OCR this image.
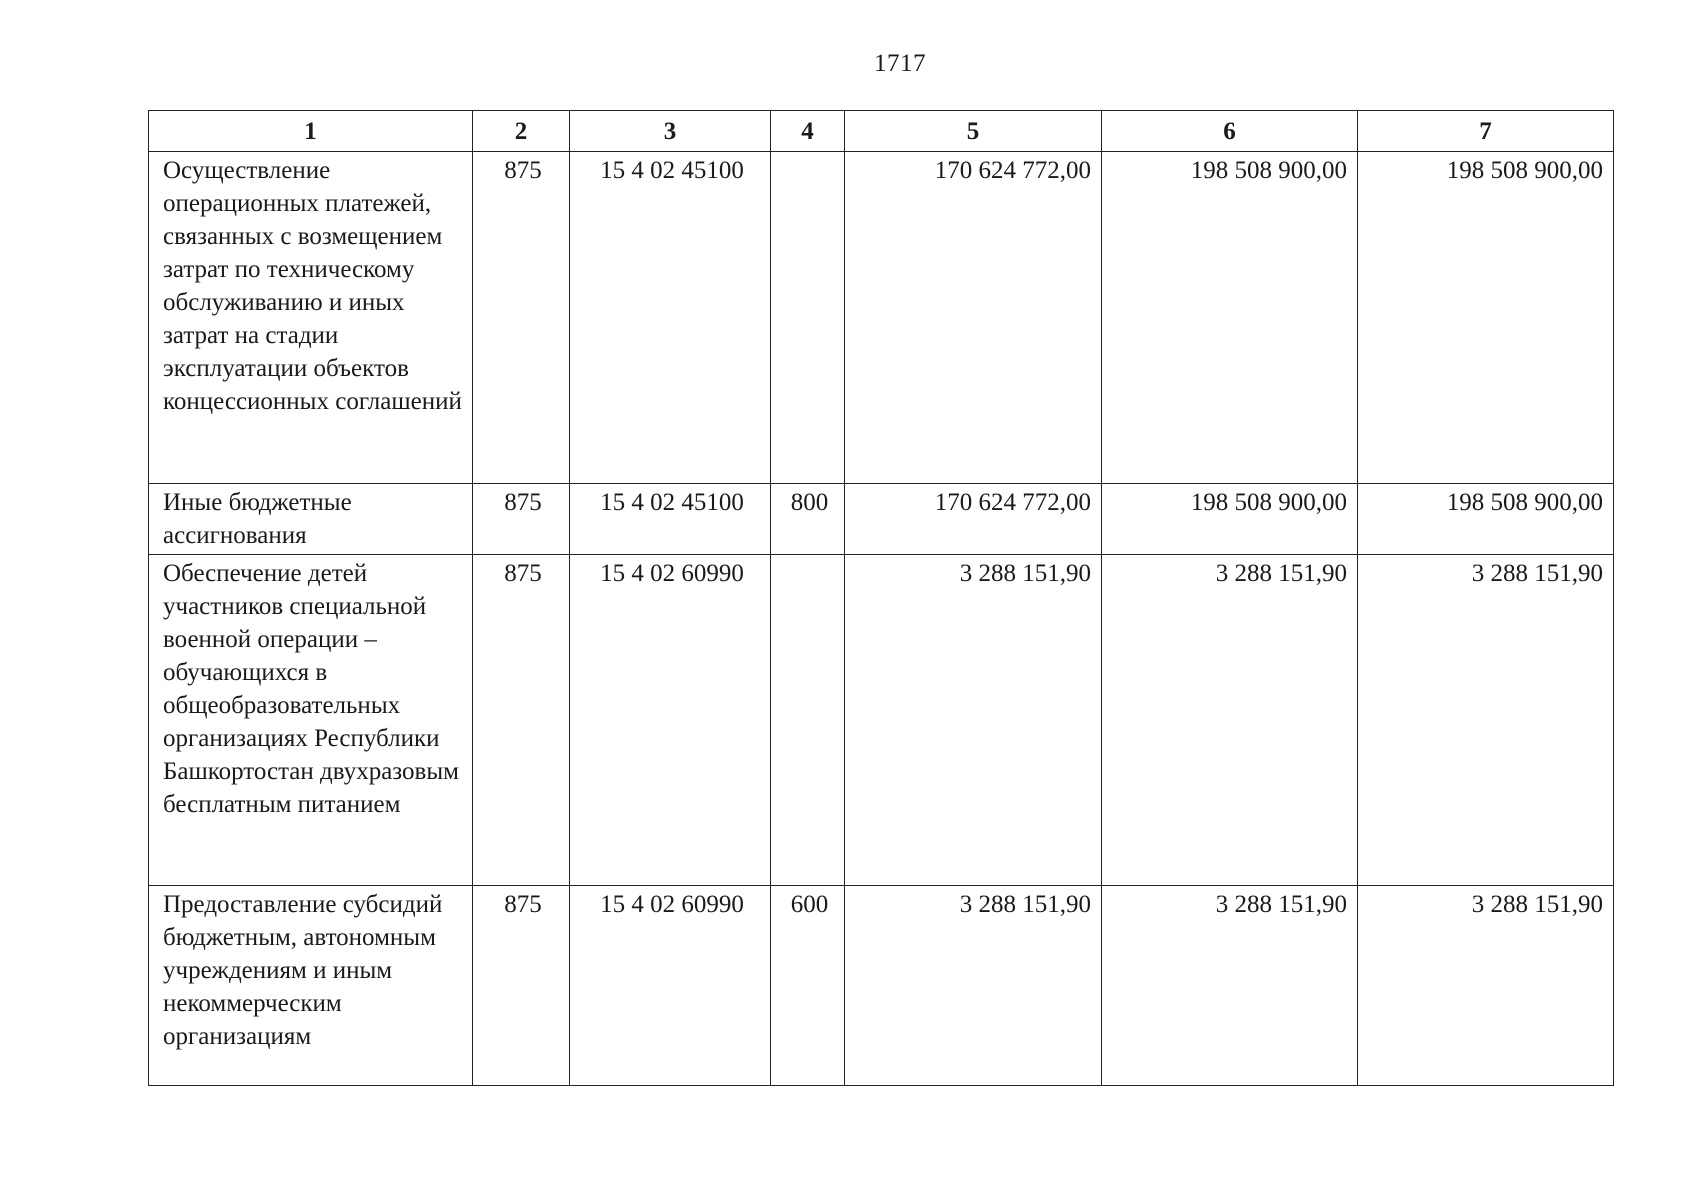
1717
1	2	3	4	5	6	7
Осуществление операционных платежей, связанных с возмещением затрат по техническому обслуживанию и иных затрат на стадии эксплуатации объектов концессионных соглашений	875	15 4 02 45100		170 624 772,00	198 508 900,00	198 508 900,00
Иные бюджетные ассигнования	875	15 4 02 45100	800	170 624 772,00	198 508 900,00	198 508 900,00
Обеспечение детей участников специальной военной операции – обучающихся в общеобразовательных организациях Республики Башкортостан двухразовым бесплатным питанием	875	15 4 02 60990		3 288 151,90	3 288 151,90	3 288 151,90
Предоставление субсидий бюджетным, автономным учреждениям и иным некоммерческим организациям	875	15 4 02 60990	600	3 288 151,90	3 288 151,90	3 288 151,90
